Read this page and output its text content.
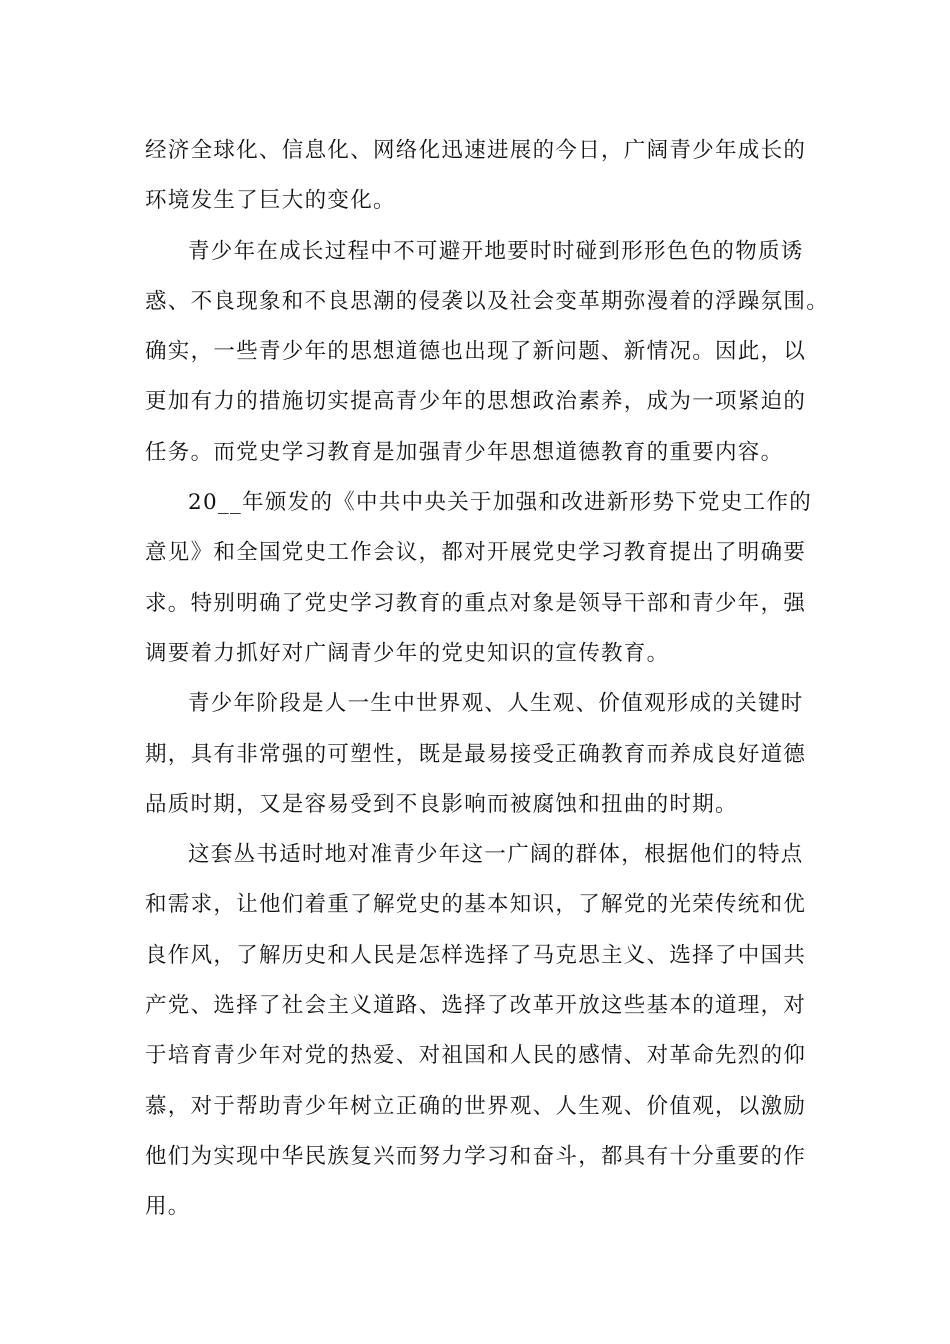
经济全球化、信息化、网络化迅速进展的今日，广阔青少年成长的
环境发生了巨大的变化。

青少年在成长过程中不可避开地要时时碰到形形色色的物质诱
惑、不良现象和不良思潮的侵袭以及社会变革期弥漫着的浮躁氛围。
确实，一些青少年的思想道德也出现了新问题、新情况。因此，以
更加有力的措施切实提高青少年的思想政治素养，成为一项紧迫的
任务。而党史学习教育是加强青少年思想道德教育的重要内容。

20__年颁发的《中共中央关于加强和改进新形势下党史工作的
意见》和全国党史工作会议，都对开展党史学习教育提出了明确要
求。特别明确了党史学习教育的重点对象是领导干部和青少年，强
调要着力抓好对广阔青少年的党史知识的宣传教育。

青少年阶段是人一生中世界观、人生观、价值观形成的关键时
期，具有非常强的可塑性，既是最易接受正确教育而养成良好道德
品质时期，又是容易受到不良影响而被腐蚀和扭曲的时期。

这套丛书适时地对准青少年这一广阔的群体，根据他们的特点
和需求，让他们着重了解党史的基本知识，了解党的光荣传统和优
良作风，了解历史和人民是怎样选择了马克思主义、选择了中国共
产党、选择了社会主义道路、选择了改革开放这些基本的道理，对
于培育青少年对党的热爱、对祖国和人民的感情、对革命先烈的仰
慕，对于帮助青少年树立正确的世界观、人生观、价值观，以激励
他们为实现中华民族复兴而努力学习和奋斗，都具有十分重要的作
用。
